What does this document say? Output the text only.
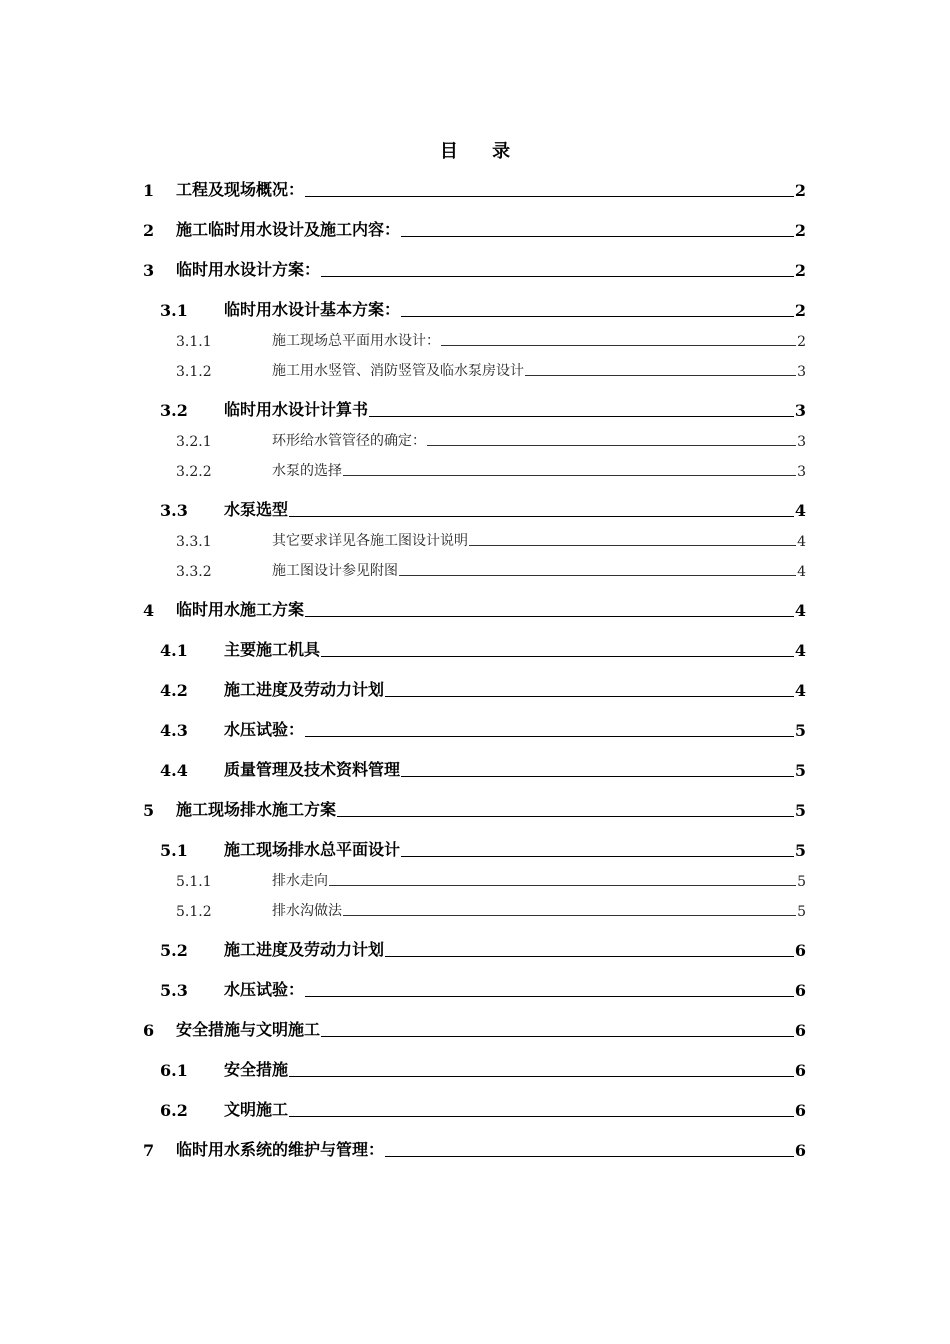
目 录
1	工程及现场概况：	2
2	施工临时用水设计及施工内容：	2
3	临时用水设计方案：	2
3.1	临时用水设计基本方案：	2
3.1.1	施工现场总平面用水设计：	2
3.1.2	施工用水竖管、消防竖管及临水泵房设计	3
3.2	临时用水设计计算书	3
3.2.1	环形给水管管径的确定：	3
3.2.2	水泵的选择	3
3.3	水泵选型	4
3.3.1	其它要求详见各施工图设计说明	4
3.3.2	施工图设计参见附图	4
4	临时用水施工方案	4
4.1	主要施工机具	4
4.2	施工进度及劳动力计划	4
4.3	水压试验：	5
4.4	质量管理及技术资料管理	5
5	施工现场排水施工方案	5
5.1	施工现场排水总平面设计	5
5.1.1	排水走向	5
5.1.2	排水沟做法	5
5.2	施工进度及劳动力计划	6
5.3	水压试验：	6
6	安全措施与文明施工	6
6.1	安全措施	6
6.2	文明施工	6
7	临时用水系统的维护与管理：	6
